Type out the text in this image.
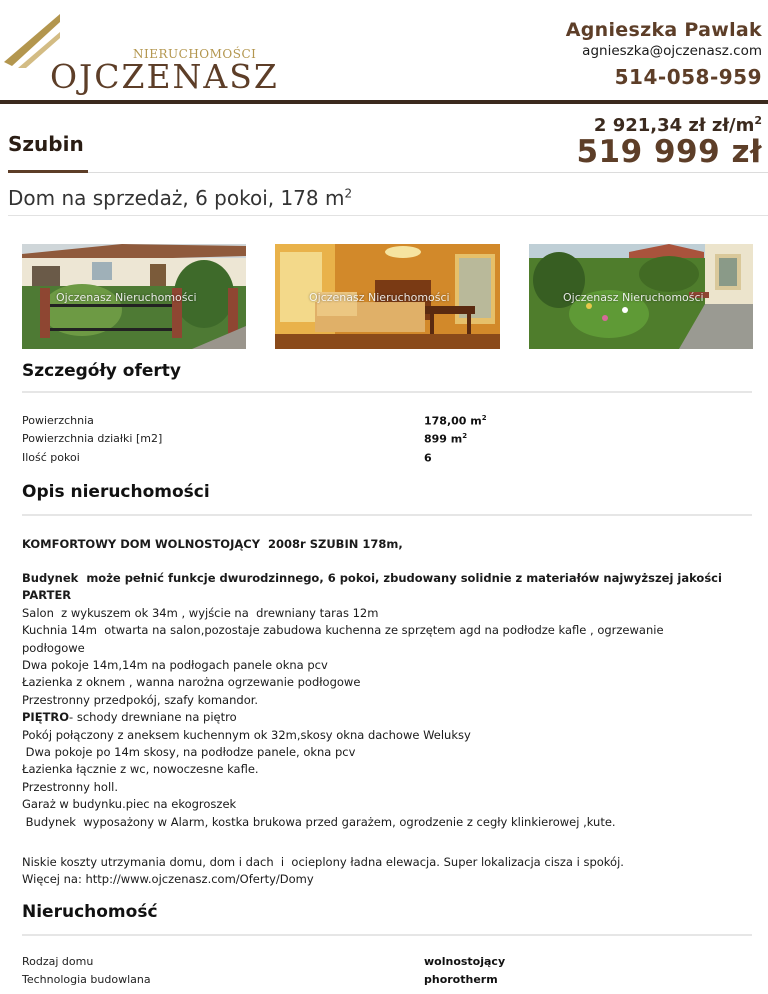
NIERUCHOMOŚCI
OJCZENASZ
Agnieszka Pawlak
agnieszka@ojczenasz.com
514-058-959
2 921,34 zł $zł/m^2$
Szubin	519 999 zł
Dom na sprzedaż, 6 pokoi, 178 $m^2$
Ojczenasz Nieruchomości	Ojczenasz Nieruchomości	Ojczenasz Nieruchomości
Szczegóły oferty
Powierzchnia	178,00 $m^2$
Powierzchnia działki [m2]	899 $m^2$
Ilość pokoi	6
Opis nieruchomości

KOMFORTOWY DOM WOLNOSTOJĄCY  2008r SZUBIN 178m,

Budynek  może pełnić funkcje dwurodzinnego, 6 pokoi, zbudowany solidnie z materiałów najwyższej jakości

PARTER

Salon  z wykuszem ok 34m , wyjście na  drewniany taras 12m

Kuchnia 14m  otwarta na salon,pozostaje zabudowa kuchenna ze sprzętem agd na podłodze kafle , ogrzewanie

podłogowe

Dwa pokoje 14m,14m na podłogach panele okna pcv

Łazienka z oknem , wanna narożna ogrzewanie podłogowe

Przestronny przedpokój, szafy komandor.

PIĘTRO- schody drewniane na piętro

Pokój połączony z aneksem kuchennym ok 32m,skosy okna dachowe Weluksy

Dwa pokoje po 14m skosy, na podłodze panele, okna pcv

Łazienka łącznie z wc, nowoczesne kafle.

Przestronny holl.

Garaż w budynku.piec na ekogroszek

Budynek  wyposażony w Alarm, kostka brukowa przed garażem, ogrodzenie z cegły klinkierowej ,kute.

Niskie koszty utrzymania domu, dom i dach  i  ocieplony ładna elewacja. Super lokalizacja cisza i spokój.

Więcej na: http://www.ojczenasz.com/Oferty/Domy

Nieruchomość
Rodzaj domu	wolnostojący
Technologia budowlana	phorotherm
